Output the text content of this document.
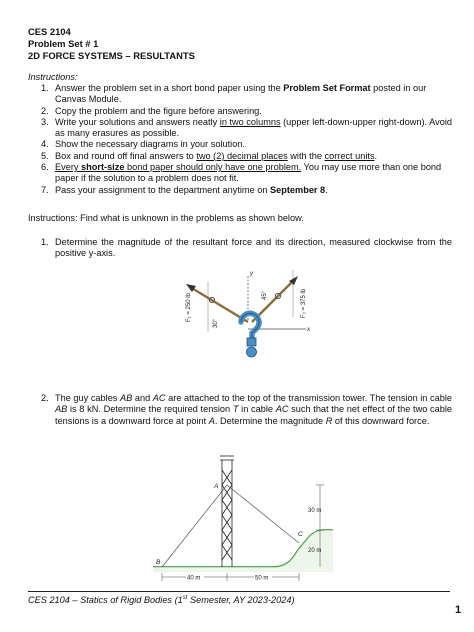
CES 2104
Problem Set # 1
2D FORCE SYSTEMS – RESULTANTS
Instructions:
1. Answer the problem set in a short bond paper using the Problem Set Format posted in our Canvas Module.
2. Copy the problem and the figure before answering.
3. Write your solutions and answers neatly in two columns (upper left-down-upper right-down). Avoid as many erasures as possible.
4. Show the necessary diagrams in your solution.
5. Box and round off final answers to two (2) decimal places with the correct units.
6. Every short-size bond paper should only have one problem. You may use more than one bond paper if the solution to a problem does not fit.
7. Pass your assignment to the department anytime on September 8.
Instructions: Find what is unknown in the problems as shown below.
1. Determine the magnitude of the resultant force and its direction, measured clockwise from the positive y-axis.
y
x
F₁ = 250 lb	F₂ = 375 lb
30°
45°
2. The guy cables AB and AC are attached to the top of the transmission tower. The tension in cable AB is 8 kN. Determine the required tension T in cable AC such that the net effect of the two cable tensions is a downward force at point A. Determine the magnitude R of this downward force.
A
B
C
30 m
20 m
40 m	50 m
CES 2104 – Statics of Rigid Bodies (1st Semester, AY 2023-2024)
1
